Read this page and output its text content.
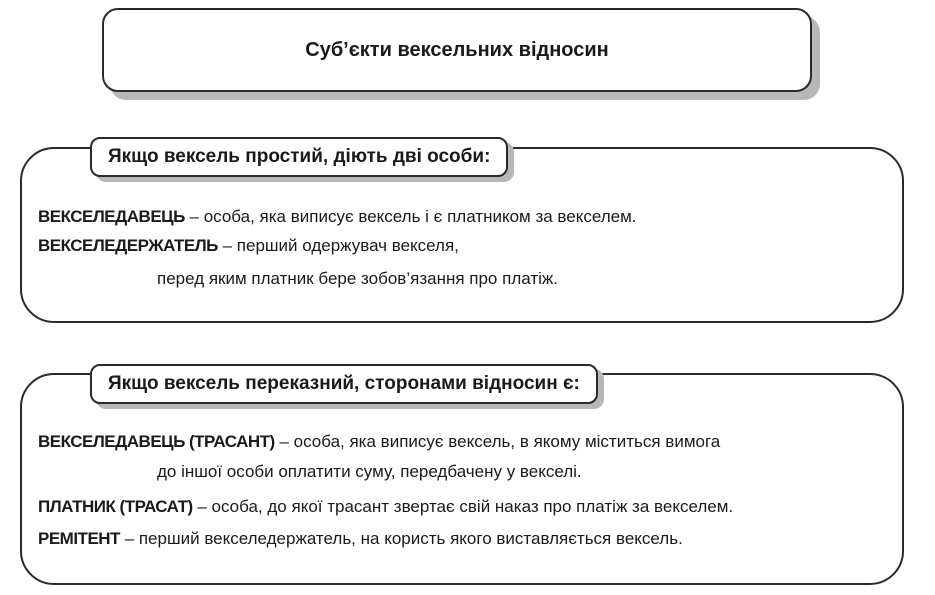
Суб’єкти вексельних відносин
Якщо вексель простий, діють дві особи:
ВЕКСЕЛЕДАВЕЦЬ – особа, яка виписує вексель і є платником за векселем.
ВЕКСЕЛЕДЕРЖАТЕЛЬ – перший одержувач векселя,
перед яким платник бере зобов’язання про платіж.
Якщо вексель переказний, сторонами відносин є:
ВЕКСЕЛЕДАВЕЦЬ (ТРАСАНТ) – особа, яка виписує вексель, в якому міститься вимога
до іншої особи оплатити суму, передбачену у векселі.
ПЛАТНИК (ТРАСАТ) – особа, до якої трасант звертає свій наказ про платіж за векселем.
РЕМІТЕНТ – перший векселедержатель, на користь якого виставляється вексель.
